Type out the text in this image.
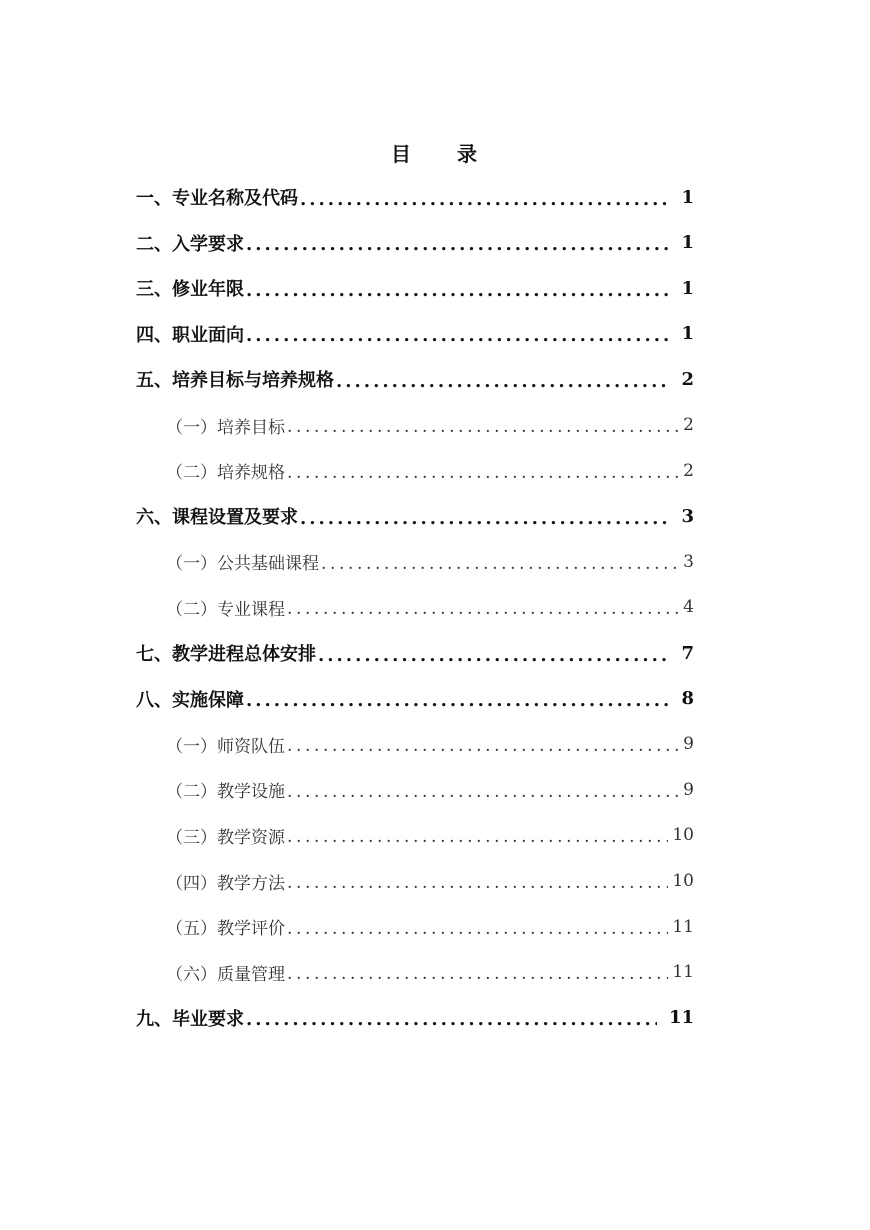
目 录
一、专业名称及代码 .....	1
二、入学要求 .....	1
三、修业年限 .....	1
四、职业面向 .....	1
五、培养目标与培养规格 .....	2
（一）培养目标 .....	2
（二）培养规格 .....	2
六、课程设置及要求 .....	3
（一）公共基础课程 .....	3
（二）专业课程 .....	4
七、教学进程总体安排 .....	7
八、实施保障 .....	8
（一）师资队伍 .....	9
（二）教学设施 .....	9
（三）教学资源 .....	10
（四）教学方法 .....	10
（五）教学评价 .....	11
（六）质量管理 .....	11
九、毕业要求 .....	11
